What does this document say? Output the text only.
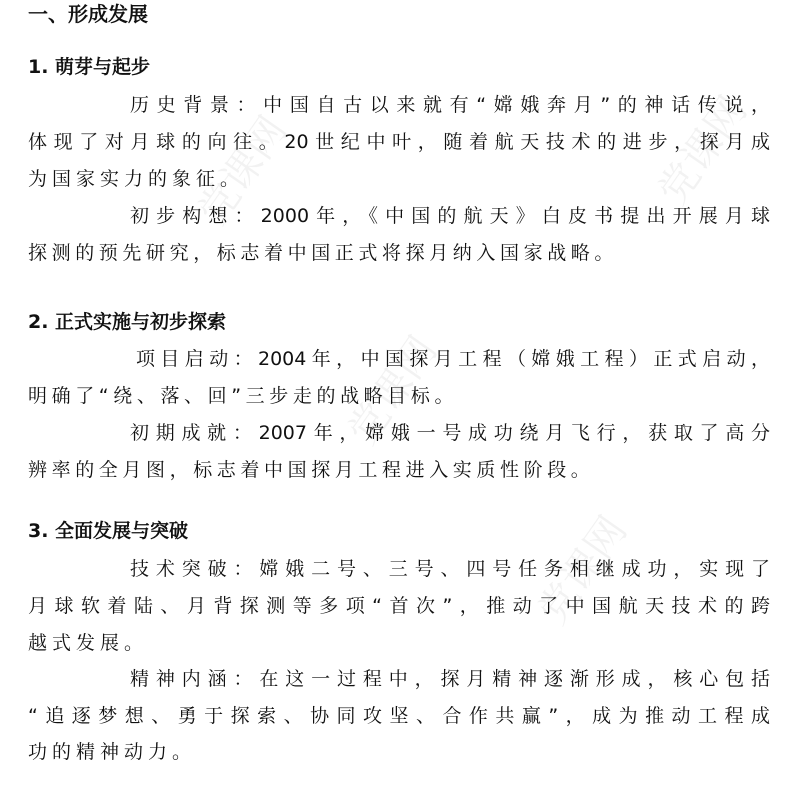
党课网
党课网
党课网
党课网
一、形成发展
1. 萌芽与起步
历史背景：中国自古以来就有“嫦娥奔月”的神话传说，
体现了对月球的向往。20世纪中叶，随着航天技术的进步，探月成
为国家实力的象征。
初步构想：2000年，《中国的航天》白皮书提出开展月球
探测的预先研究，标志着中国正式将探月纳入国家战略。
2. 正式实施与初步探索
项目启动：2004年，中国探月工程（嫦娥工程）正式启动，
明确了“绕、落、回”三步走的战略目标。
初期成就：2007年，嫦娥一号成功绕月飞行，获取了高分
辨率的全月图，标志着中国探月工程进入实质性阶段。
3. 全面发展与突破
技术突破：嫦娥二号、三号、四号任务相继成功，实现了
月球软着陆、月背探测等多项“首次”，推动了中国航天技术的跨
越式发展。
精神内涵：在这一过程中，探月精神逐渐形成，核心包括
“追逐梦想、勇于探索、协同攻坚、合作共赢”，成为推动工程成
功的精神动力。
